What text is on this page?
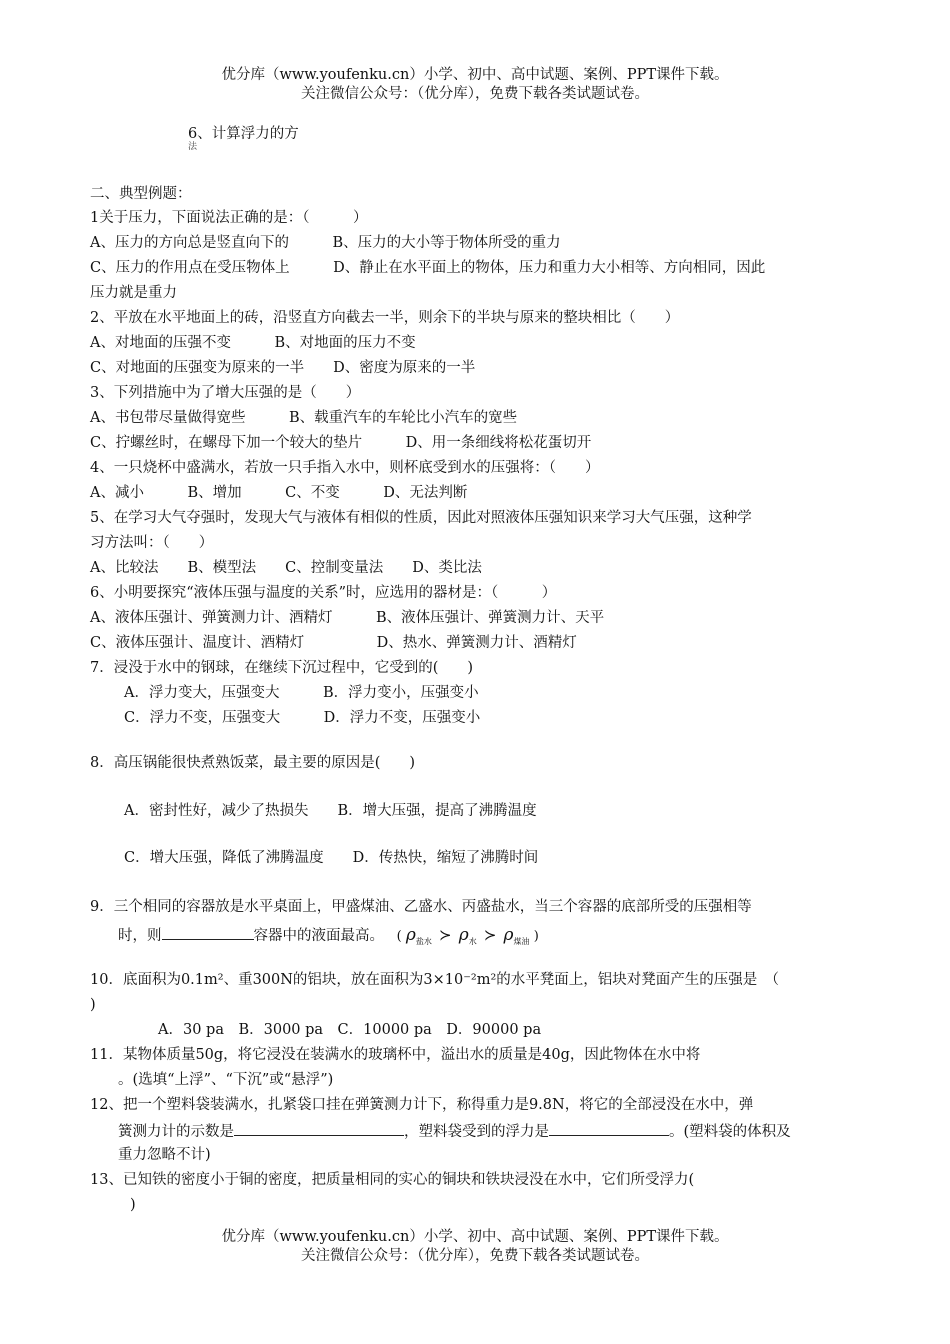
优分库（www.youfenku.cn）小学、初中、高中试题、案例、PPT课件下载。
关注微信公众号：（优分库），免费下载各类试题试卷。
6、计算浮力的方
法
二、典型例题：
1关于压力，下面说法正确的是：（　　　）
A、压力的方向总是竖直向下的　　　B、压力的大小等于物体所受的重力
C、压力的作用点在受压物体上　　　D、静止在水平面上的物体，压力和重力大小相等、方向相同，因此
压力就是重力
2、平放在水平地面上的砖，沿竖直方向截去一半，则余下的半块与原来的整块相比（　　）
A、对地面的压强不变　　　B、对地面的压力不变
C、对地面的压强变为原来的一半　　D、密度为原来的一半
3、下列措施中为了增大压强的是（　　）
A、书包带尽量做得宽些　　　B、载重汽车的车轮比小汽车的宽些
C、拧螺丝时，在螺母下加一个较大的垫片　　　D、用一条细线将松花蛋切开
4、一只烧杯中盛满水，若放一只手指入水中，则杯底受到水的压强将：（　　）
A、减小　　　B、增加　　　C、不变　　　D、无法判断
5、在学习大气夺强时，发现大气与液体有相似的性质，因此对照液体压强知识来学习大气压强，这种学
习方法叫：（　　）
A、比较法　　B、模型法　　C、控制变量法　　D、类比法
6、小明要探究“液体压强与温度的关系”时，应选用的器材是：（　　　）
A、液体压强计、弹簧测力计、酒精灯　　　B、液体压强计、弹簧测力计、天平
C、液体压强计、温度计、酒精灯　　　　　D、热水、弹簧测力计、酒精灯
7．浸没于水中的钢球，在继续下沉过程中，它受到的(　　)
A．浮力变大，压强变大　　　B．浮力变小，压强变小
C．浮力不变，压强变大　　　D．浮力不变，压强变小
8．高压锅能很快煮熟饭菜，最主要的原因是(　　)
A．密封性好，减少了热损失　　B．增大压强，提高了沸腾温度
C．增大压强，降低了沸腾温度　　D．传热快，缩短了沸腾时间
9．三个相同的容器放是水平桌面上，甲盛煤油、乙盛水、丙盛盐水，当三个容器的底部所受的压强相等
时，则	容器中的液面最高。 ( $\rho_{盐水}$ ≻ $\rho_水$ ≻ $\rho_{煤油}$ )
10．底面积为0.1m²、重300N的铝块，放在面积为3×10⁻²m²的水平凳面上，铝块对凳面产生的压强是　（
)
A．30 pa　B．3000 pa　C．10000 pa　D．90000 pa
11．某物体质量50g，将它浸没在装满水的玻璃杯中，溢出水的质量是40g，因此物体在水中将
。(选填“上浮”、“下沉”或“悬浮”)
12、把一个塑料袋装满水，扎紧袋口挂在弹簧测力计下，称得重力是9.8N，将它的全部浸没在水中，弹
簧测力计的示数是	，塑料袋受到的浮力是	。(塑料袋的体积及
重力忽略不计)
13、已知铁的密度小于铜的密度，把质量相同的实心的铜块和铁块浸没在水中，它们所受浮力(
)
优分库（www.youfenku.cn）小学、初中、高中试题、案例、PPT课件下载。
关注微信公众号：（优分库），免费下载各类试题试卷。
